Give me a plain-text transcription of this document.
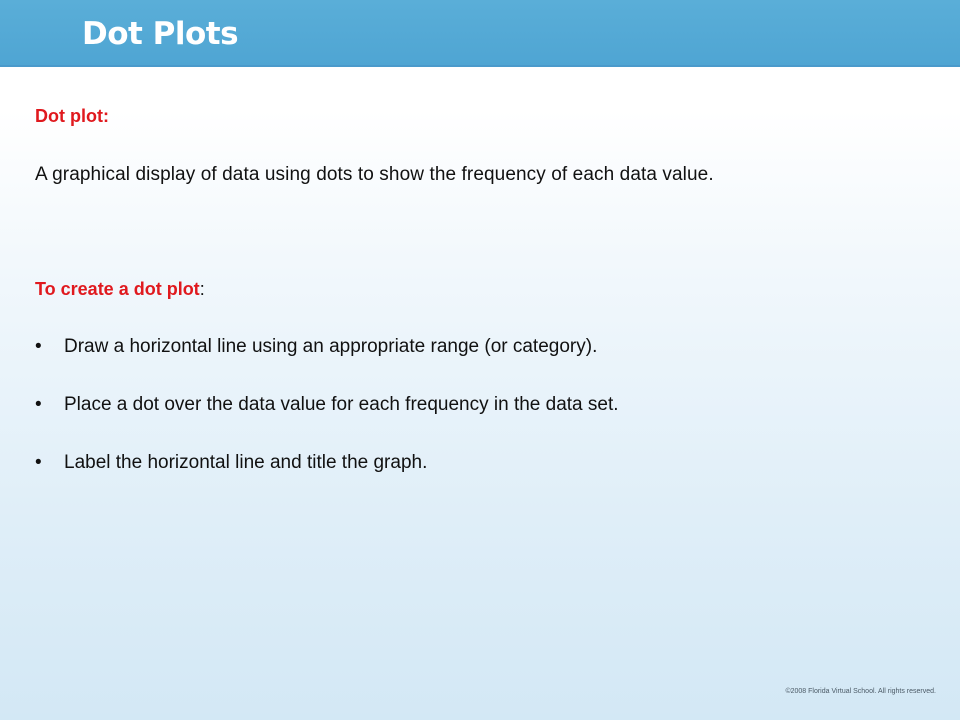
Dot Plots
Dot plot:
A graphical display of data using dots to show the frequency of each data value.
To create a dot plot:
• Draw a horizontal line using an appropriate range (or category).
• Place a dot over the data value for each frequency in the data set.
• Label the horizontal line and title the graph.
©2008 Florida Virtual School. All rights reserved.
